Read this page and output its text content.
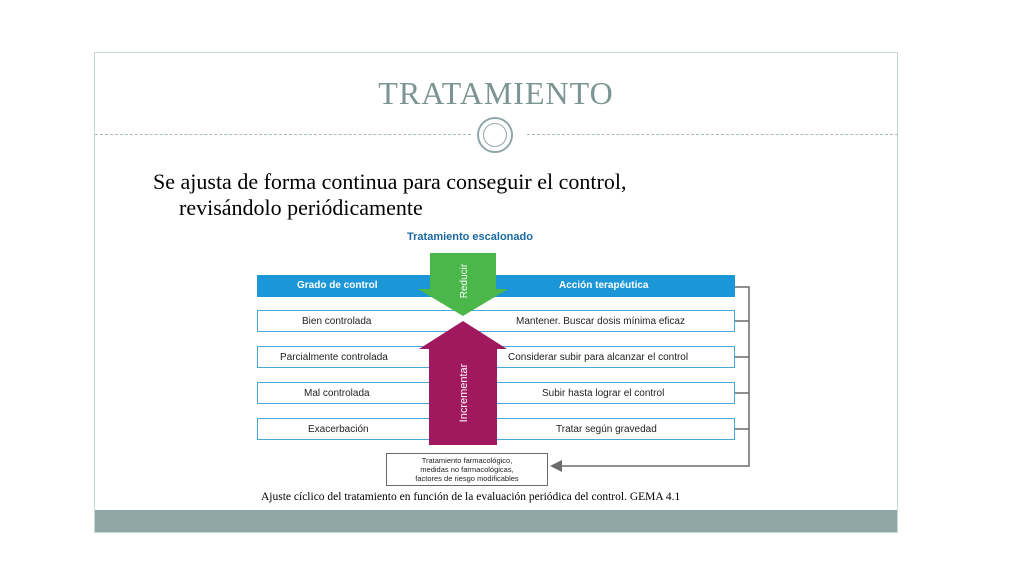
TRATAMIENTO
Se ajusta de forma continua para conseguir el control,
revisándolo periódicamente
Tratamiento escalonado
Grado de control	Acción terapéutica
Bien controlada	Mantener. Buscar dosis mínima eficaz
Parcialmente controlada	Considerar subir para alcanzar el control
Mal controlada	Subir hasta lograr el control
Exacerbación	Tratar según gravedad
Reducir
Incrementar
Tratamiento farmacológico,
medidas no farmacológicas,
factores de riesgo modificables
Ajuste cíclico del tratamiento en función de la evaluación periódica del control. GEMA 4.1
